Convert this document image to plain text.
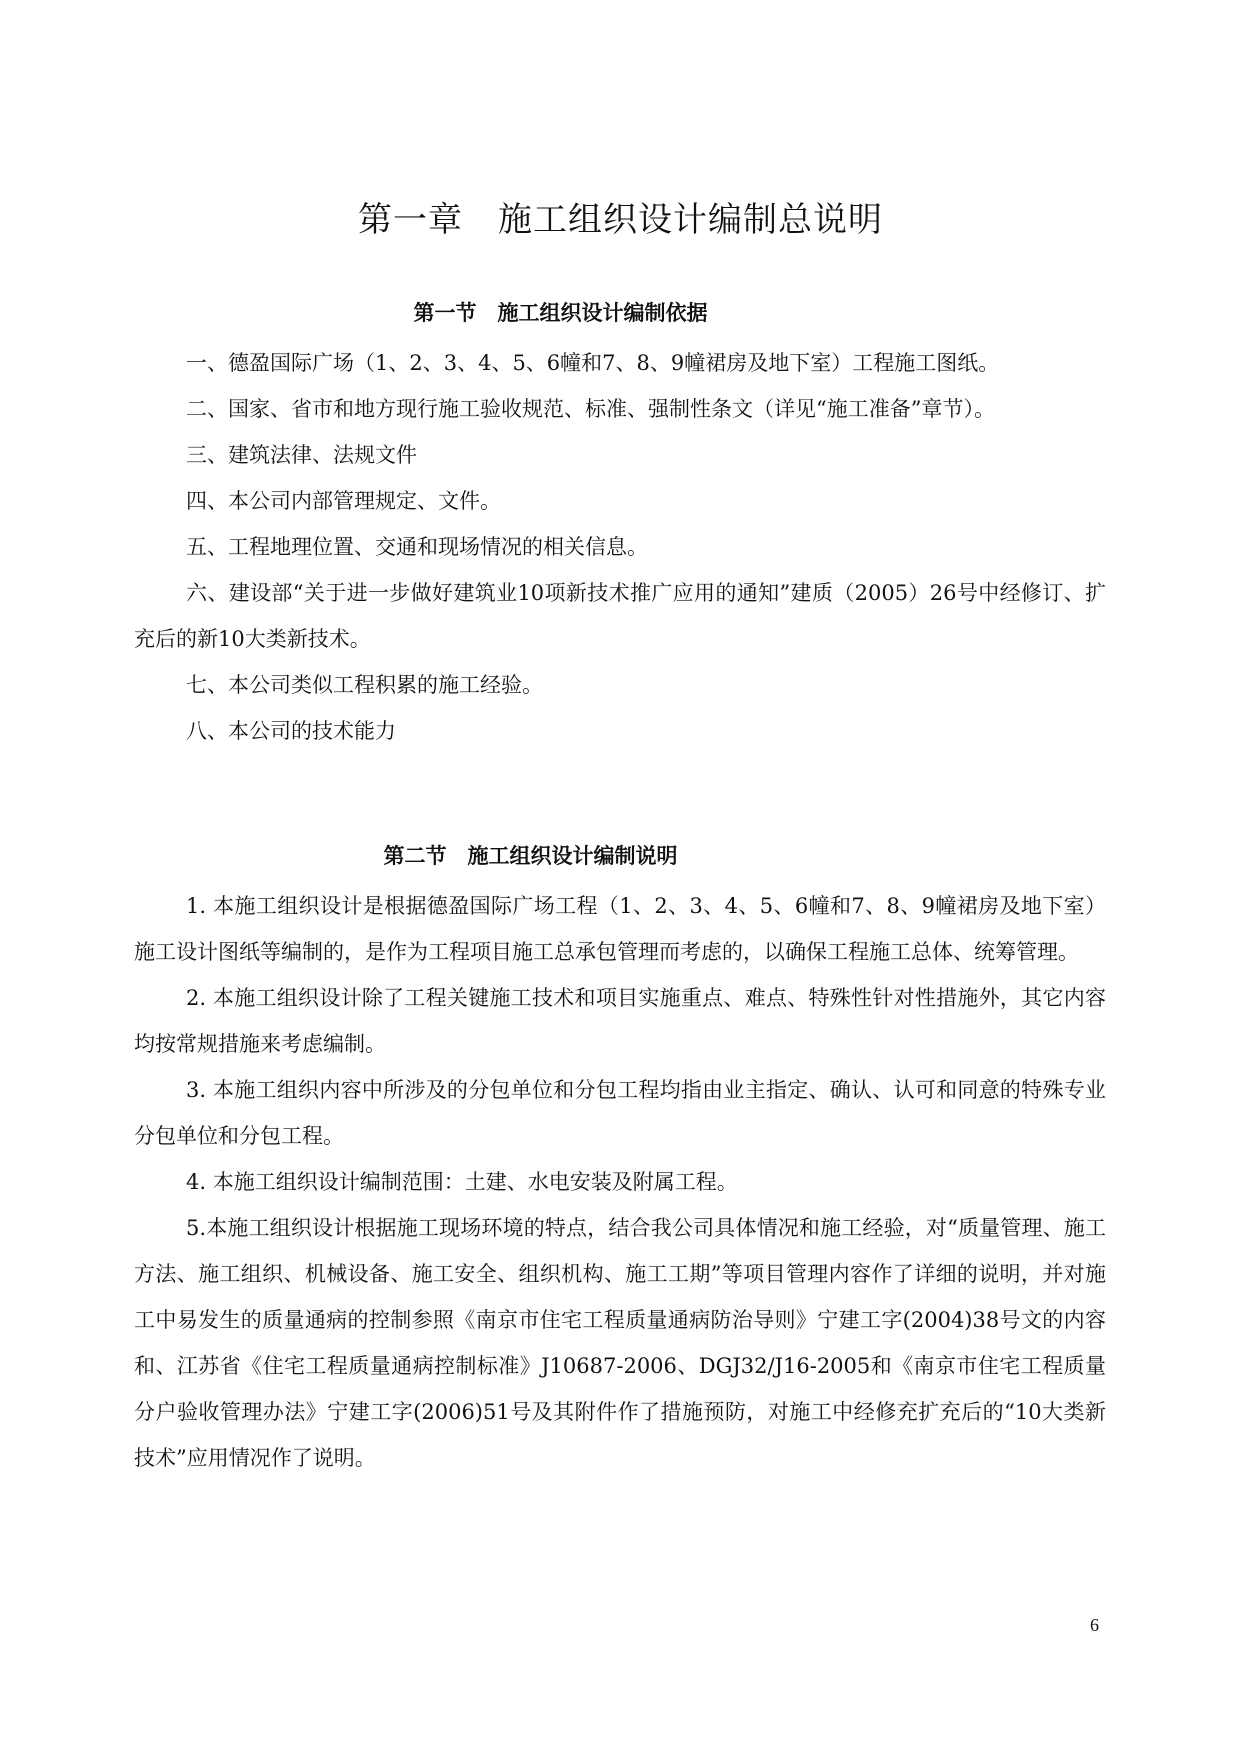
第一章　施工组织设计编制总说明
第一节　施工组织设计编制依据

一、德盈国际广场（1、2、3、4、5、6幢和7、8、9幢裙房及地下室）工程施工图纸。

二、国家、省市和地方现行施工验收规范、标准、强制性条文（详见“施工准备”章节）。

三、建筑法律、法规文件

四、本公司内部管理规定、文件。

五、工程地理位置、交通和现场情况的相关信息。

六、建设部“关于进一步做好建筑业10项新技术推广应用的通知”建质（2005）26号中经修订、扩充后的新10大类新技术。

七、本公司类似工程积累的施工经验。

八、本公司的技术能力

第二节　施工组织设计编制说明

1. 本施工组织设计是根据德盈国际广场工程（1、2、3、4、5、6幢和7、8、9幢裙房及地下室）施工设计图纸等编制的，是作为工程项目施工总承包管理而考虑的，以确保工程施工总体、统筹管理。

2. 本施工组织设计除了工程关键施工技术和项目实施重点、难点、特殊性针对性措施外，其它内容均按常规措施来考虑编制。

3. 本施工组织内容中所涉及的分包单位和分包工程均指由业主指定、确认、认可和同意的特殊专业分包单位和分包工程。

4. 本施工组织设计编制范围：土建、水电安装及附属工程。

5.本施工组织设计根据施工现场环境的特点，结合我公司具体情况和施工经验，对“质量管理、施工方法、施工组织、机械设备、施工安全、组织机构、施工工期”等项目管理内容作了详细的说明，并对施工中易发生的质量通病的控制参照《南京市住宅工程质量通病防治导则》宁建工字(2004)38号文的内容和、江苏省《住宅工程质量通病控制标准》J10687-2006、DGJ32/J16-2005和《南京市住宅工程质量分户验收管理办法》宁建工字(2006)51号及其附件作了措施预防，对施工中经修充扩充后的“10大类新技术”应用情况作了说明。

6
